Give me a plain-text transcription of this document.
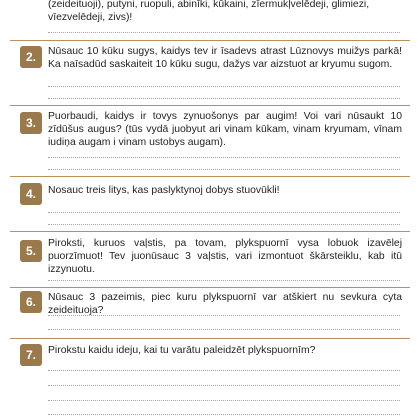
(zeideituoji), putyni, ruopuli, abinīki, kūkaini, zīermukļvelēdeji, glimiezi, vīezvelēdeji, zivs)!
2.	Nūsauc 10 kūku sugys, kaidys tev ir īsadevs atrast Lūznovys muižys parkā! Ka naīsadūd saskaiteit 10 kūku sugu, dažys var aizstuot ar kryumu sugom.
3.	Puorbaudi, kaidys ir tovys zynuošonys par augim! Voi vari nūsaukt 10 zīdūšus augus? (tūs vydā juobyut ari vinam kūkam, vinam kryumam, vīnam iudiņa augam i vinam ustobys augam).
4.	Nosauc treis litys, kas paslyktynoj dobys stuovūkli!
5.
Piroksti, kuruos vaļstis, pa tovam, plykspuornī vysa lobuok izavēlej puorzīmuot! Tev juonūsauc 3 vaļstis, vari izmontuot škārsteiklu, kab itū izzynuotu.
6.	Nūsauc 3 pazeimis, piec kuru plykspuornī var atškiert nu sevkura cyta zeideituoja?
7.	Pirokstu kaidu ideju, kai tu varātu paleidzēt plykspuornīm?
